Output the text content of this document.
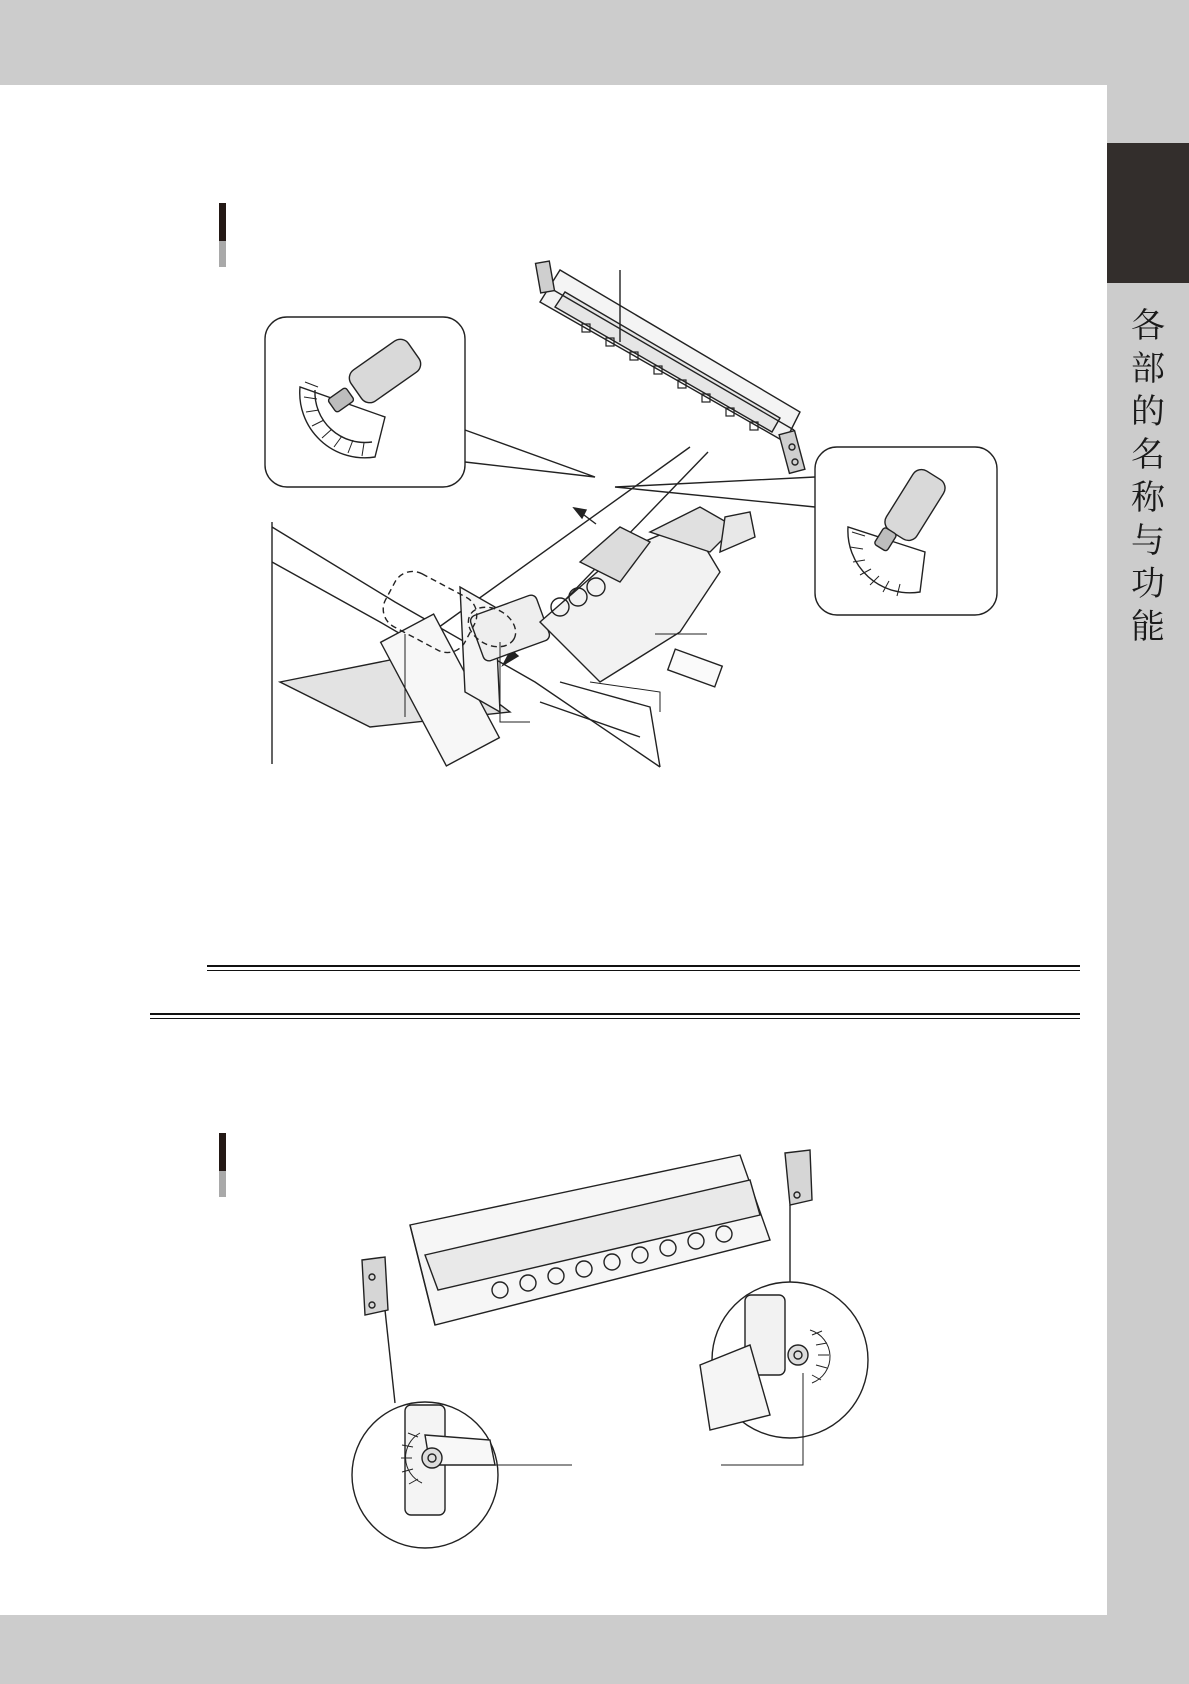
各
部
的
名
称
与
功
能
